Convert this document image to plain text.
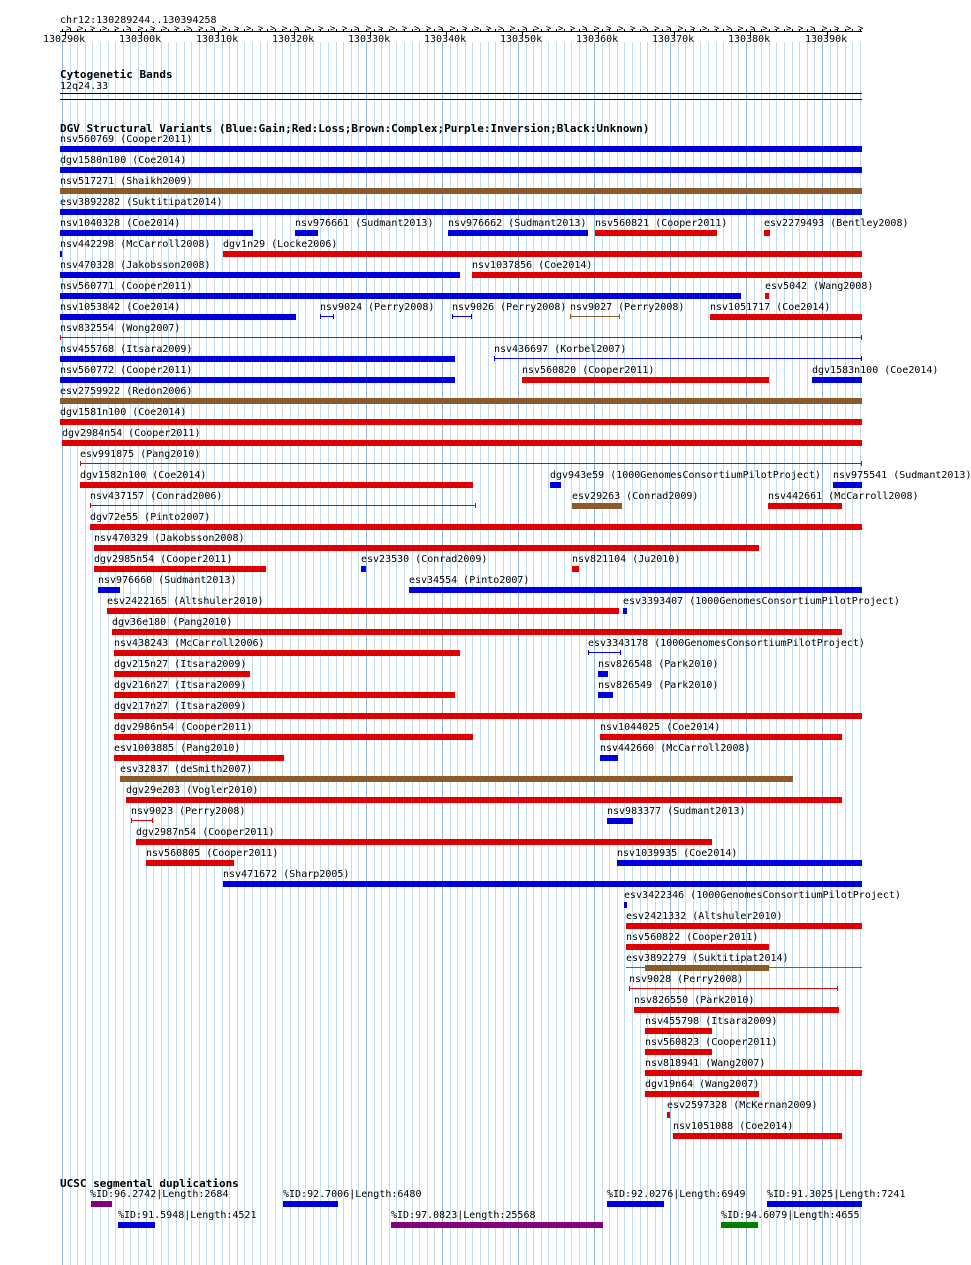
chr12:130289244..130394258
130290k	130300k	130310k	130320k	130330k	130340k	130350k	130360k	130370k	130380k	130390k
> > > > > > > > > > > > > > > > > > > > > > > > > > > > > > > > > > > > > > > > > > > > > > > > > > > > > > > > > > > > > > > > > > >
Cytogenetic Bands
12q24.33
DGV Structural Variants (Blue:Gain;Red:Loss;Brown:Complex;Purple:Inversion;Black:Unknown)
nsv560769 (Cooper2011)
dgv1580n100 (Coe2014)
nsv517271 (Shaikh2009)
esv3892282 (Suktitipat2014)
nsv1040328 (Coe2014)	nsv976661 (Sudmant2013) nsv976662 (Sudmant2013) nsv560821 (Cooper2011)	esv2279493 (Bentley2008)
nsv442298 (McCarroll2008) dgv1n29 (Locke2006)
nsv470328 (Jakobsson2008)	nsv1037856 (Coe2014)
nsv560771 (Cooper2011)	esv5042 (Wang2008)
nsv1053842 (Coe2014)	nsv9024 (Perry2008) nsv9026 (Perry2008) nsv9027 (Perry2008)	nsv1051717 (Coe2014)
nsv832554 (Wong2007)
nsv455768 (Itsara2009)	nsv436697 (Korbel2007)
nsv560772 (Cooper2011)	nsv560820 (Cooper2011)	dgv1583n100 (Coe2014)
esv2759922 (Redon2006)
dgv1581n100 (Coe2014)
dgv2984n54 (Cooper2011)
esv991875 (Pang2010)
dgv1582n100 (Coe2014)	dgv943e59 (1000GenomesConsortiumPilotProject) nsv975541 (Sudmant2013)
nsv437157 (Conrad2006)	esv29263 (Conrad2009)	nsv442661 (McCarroll2008)
dgv72e55 (Pinto2007)
nsv470329 (Jakobsson2008)
dgv2985n54 (Cooper2011)	esv23530 (Conrad2009)	nsv821104 (Ju2010)
nsv976660 (Sudmant2013)	esv34554 (Pinto2007)
esv2422165 (Altshuler2010)	esv3393407 (1000GenomesConsortiumPilotProject)
dgv36e180 (Pang2010)
nsv438243 (McCarroll2006)	esv3343178 (1000GenomesConsortiumPilotProject)
dgv215n27 (Itsara2009)	nsv826548 (Park2010)
dgv216n27 (Itsara2009)	nsv826549 (Park2010)
dgv217n27 (Itsara2009)
dgv2986n54 (Cooper2011)	nsv1044025 (Coe2014)
esv1003885 (Pang2010)	nsv442660 (McCarroll2008)
esv32837 (deSmith2007)
dgv29e203 (Vogler2010)
nsv9023 (Perry2008)	nsv983377 (Sudmant2013)
dgv2987n54 (Cooper2011)
nsv560805 (Cooper2011)	nsv1039935 (Coe2014)
nsv471672 (Sharp2005)
esv3422346 (1000GenomesConsortiumPilotProject)
esv2421332 (Altshuler2010)
nsv560822 (Cooper2011)
esv3892279 (Suktitipat2014)
nsv9028 (Perry2008)
nsv826550 (Park2010)
nsv455798 (Itsara2009)
nsv560823 (Cooper2011)
nsv818941 (Wang2007)
dgv19n64 (Wang2007)
esv2597328 (McKernan2009)
nsv1051088 (Coe2014)
UCSC segmental duplications
%ID:96.2742|Length:2684	%ID:92.7006|Length:6480	%ID:92.0276|Length:6949 %ID:91.3025|Length:7241
%ID:91.5948|Length:4521	%ID:97.0823|Length:25568	%ID:94.6079|Length:4655
